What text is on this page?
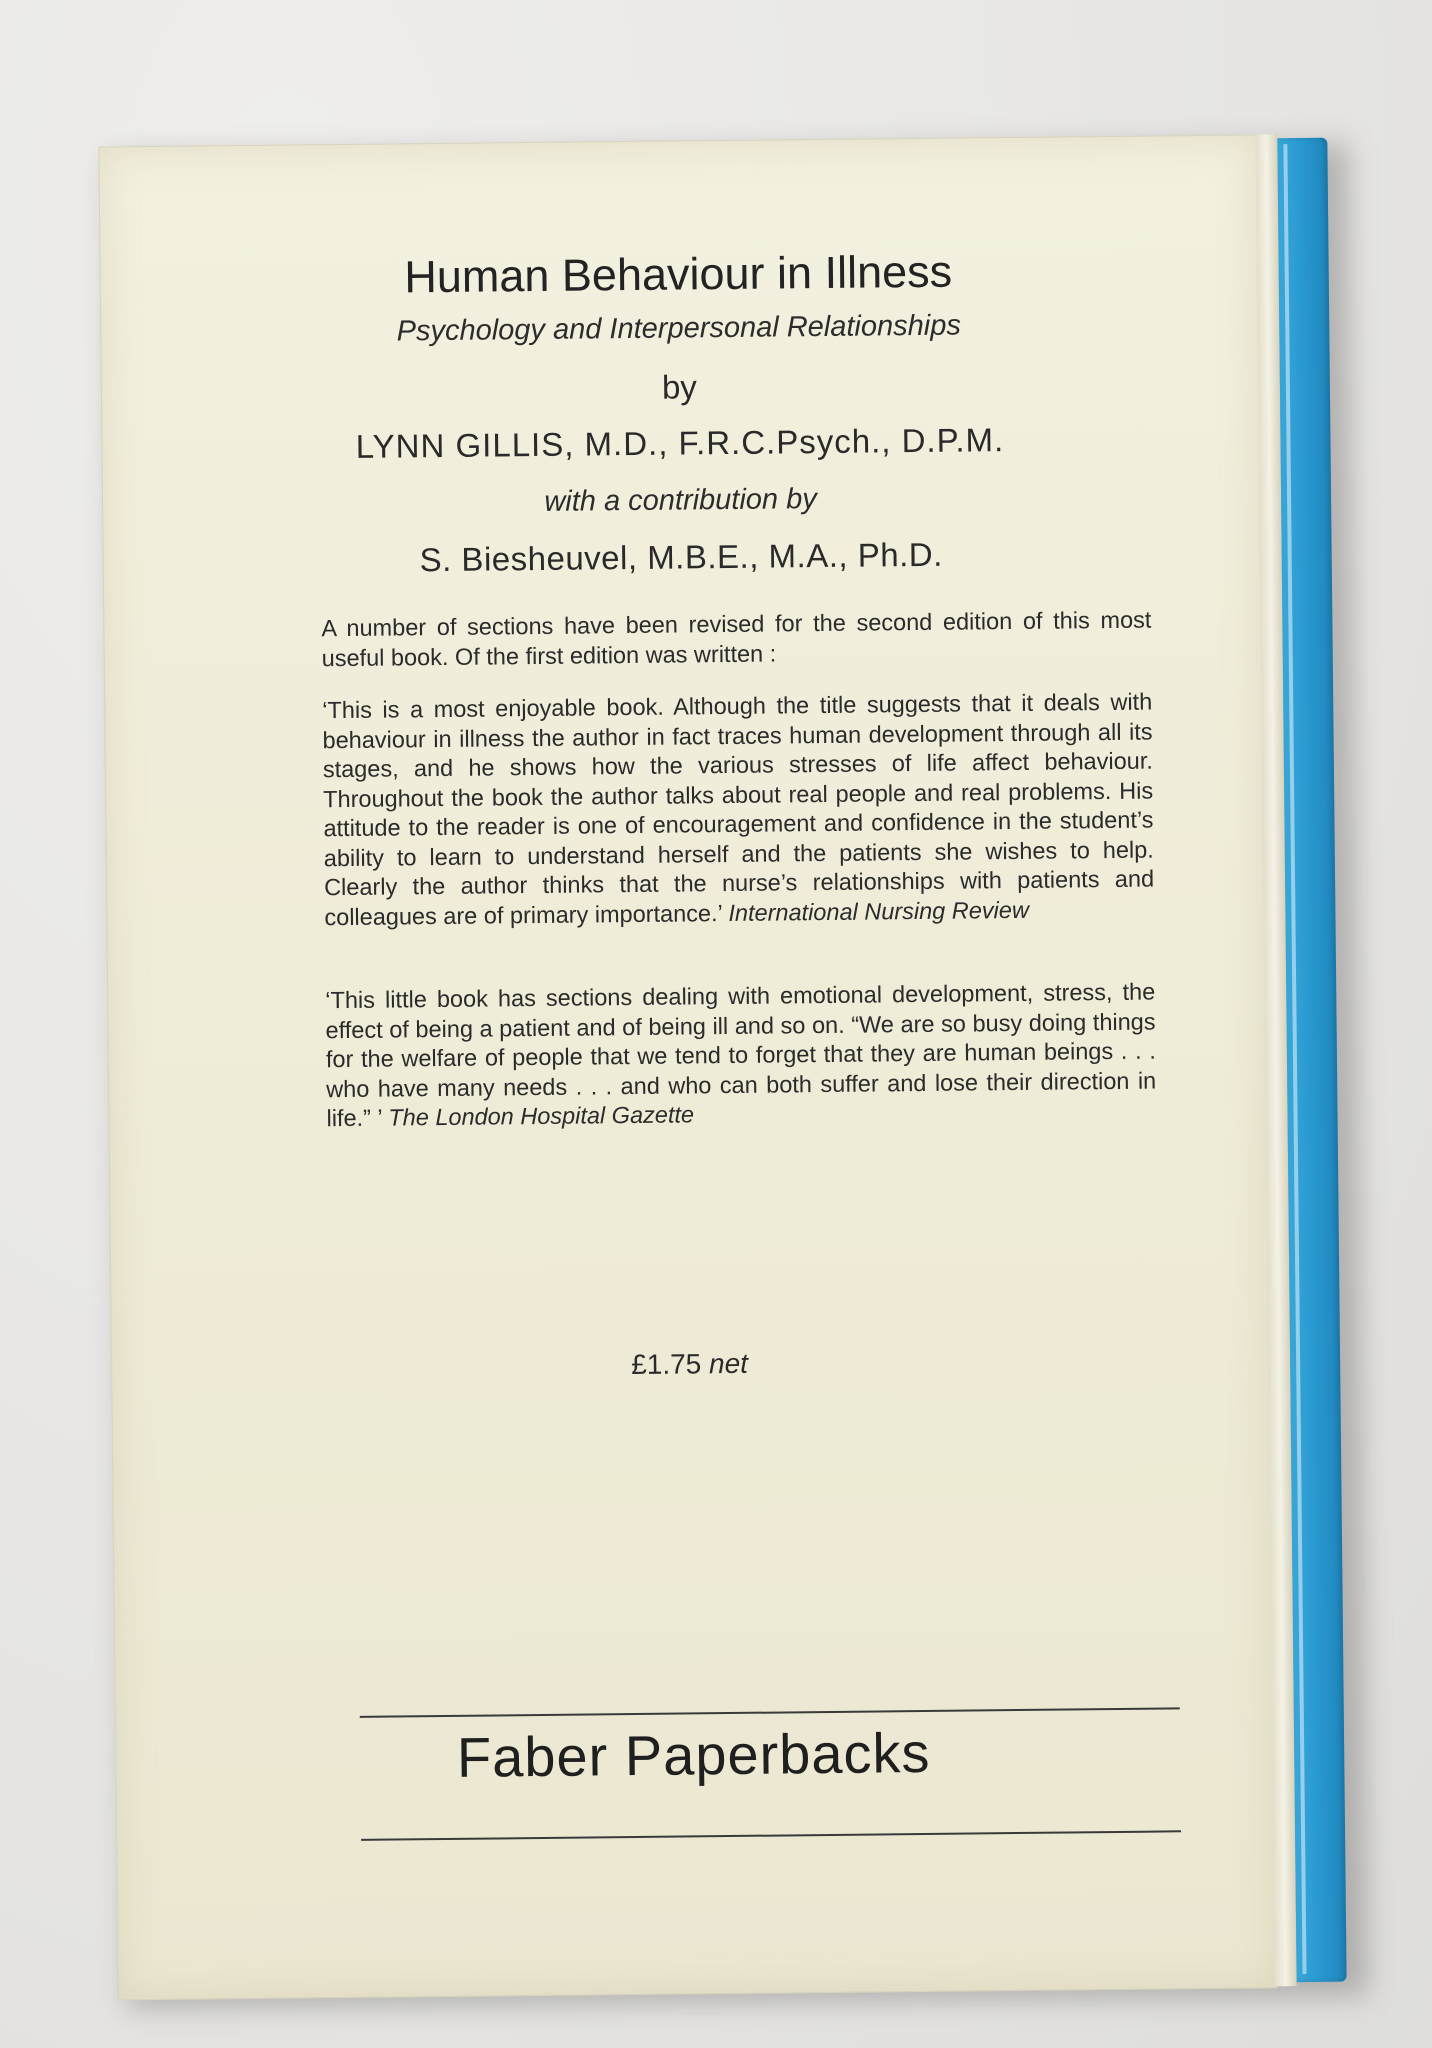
Human Behaviour in Illness
Psychology and Interpersonal Relationships
by
LYNN GILLIS, M.D., F.R.C.Psych., D.P.M.
with a contribution by
S. Biesheuvel, M.B.E., M.A., Ph.D.

A number of sections have been revised for the second edition of this most useful book. Of the first edition was written :

‘This is a most enjoyable book. Although the title suggests that it deals with behaviour in illness the author in fact traces human development through all its stages, and he shows how the various stresses of life affect behaviour. Throughout the book the author talks about real people and real problems. His attitude to the reader is one of encouragement and confidence in the student’s ability to learn to understand herself and the patients she wishes to help. Clearly the author thinks that the nurse’s relationships with patients and colleagues are of primary importance.’ International Nursing Review

‘This little book has sections dealing with emotional development, stress, the effect of being a patient and of being ill and so on. “We are so busy doing things for the welfare of people that we tend to forget that they are human beings . . . who have many needs . . . and who can both suffer and lose their direction in life.” ’ The London Hospital Gazette

£1.75 net
Faber Paperbacks
